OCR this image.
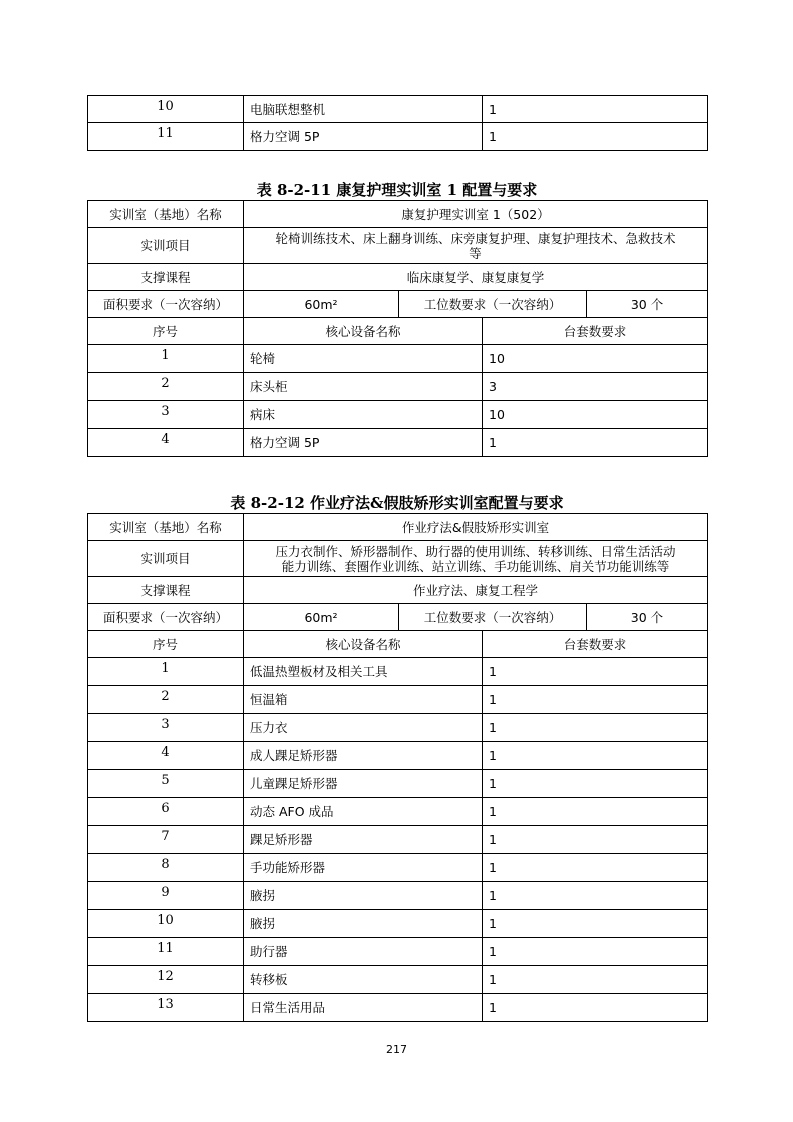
10	电脑联想整机	1
11	格力空调 5P	1
表 8-2-11 康复护理实训室 1 配置与要求
实训室（基地）名称	康复护理实训室 1（502）			
实训项目	轮椅训练技术、床上翻身训练、床旁康复护理、康复护理技术、急救技术
等			

支撑课程	临床康复学、康复康复学			
面积要求（一次容纳）	60m²	工位数要求（一次容纳）		30 个
序号	核心设备名称		台套数要求	
1	轮椅		10	
2	床头柜		3	
3	病床		10	
4	格力空调 5P		1	
表 8-2-12 作业疗法&假肢矫形实训室配置与要求
实训室（基地）名称	作业疗法&假肢矫形实训室			
实训项目	压力衣制作、矫形器制作、助行器的使用训练、转移训练、日常生活活动
能力训练、套圈作业训练、站立训练、手功能训练、肩关节功能训练等			

支撑课程	作业疗法、康复工程学			
面积要求（一次容纳）	60m²	工位数要求（一次容纳）		30 个
序号	核心设备名称		台套数要求	
1	低温热塑板材及相关工具		1	
2	恒温箱		1	
3	压力衣		1	
4	成人踝足矫形器		1	
5	儿童踝足矫形器		1	
6	动态 AFO 成品		1	
7	踝足矫形器		1	
8	手功能矫形器		1	
9	腋拐		1	
10	腋拐		1	
11	助行器		1	
12	转移板		1	
13	日常生活用品		1	
217
